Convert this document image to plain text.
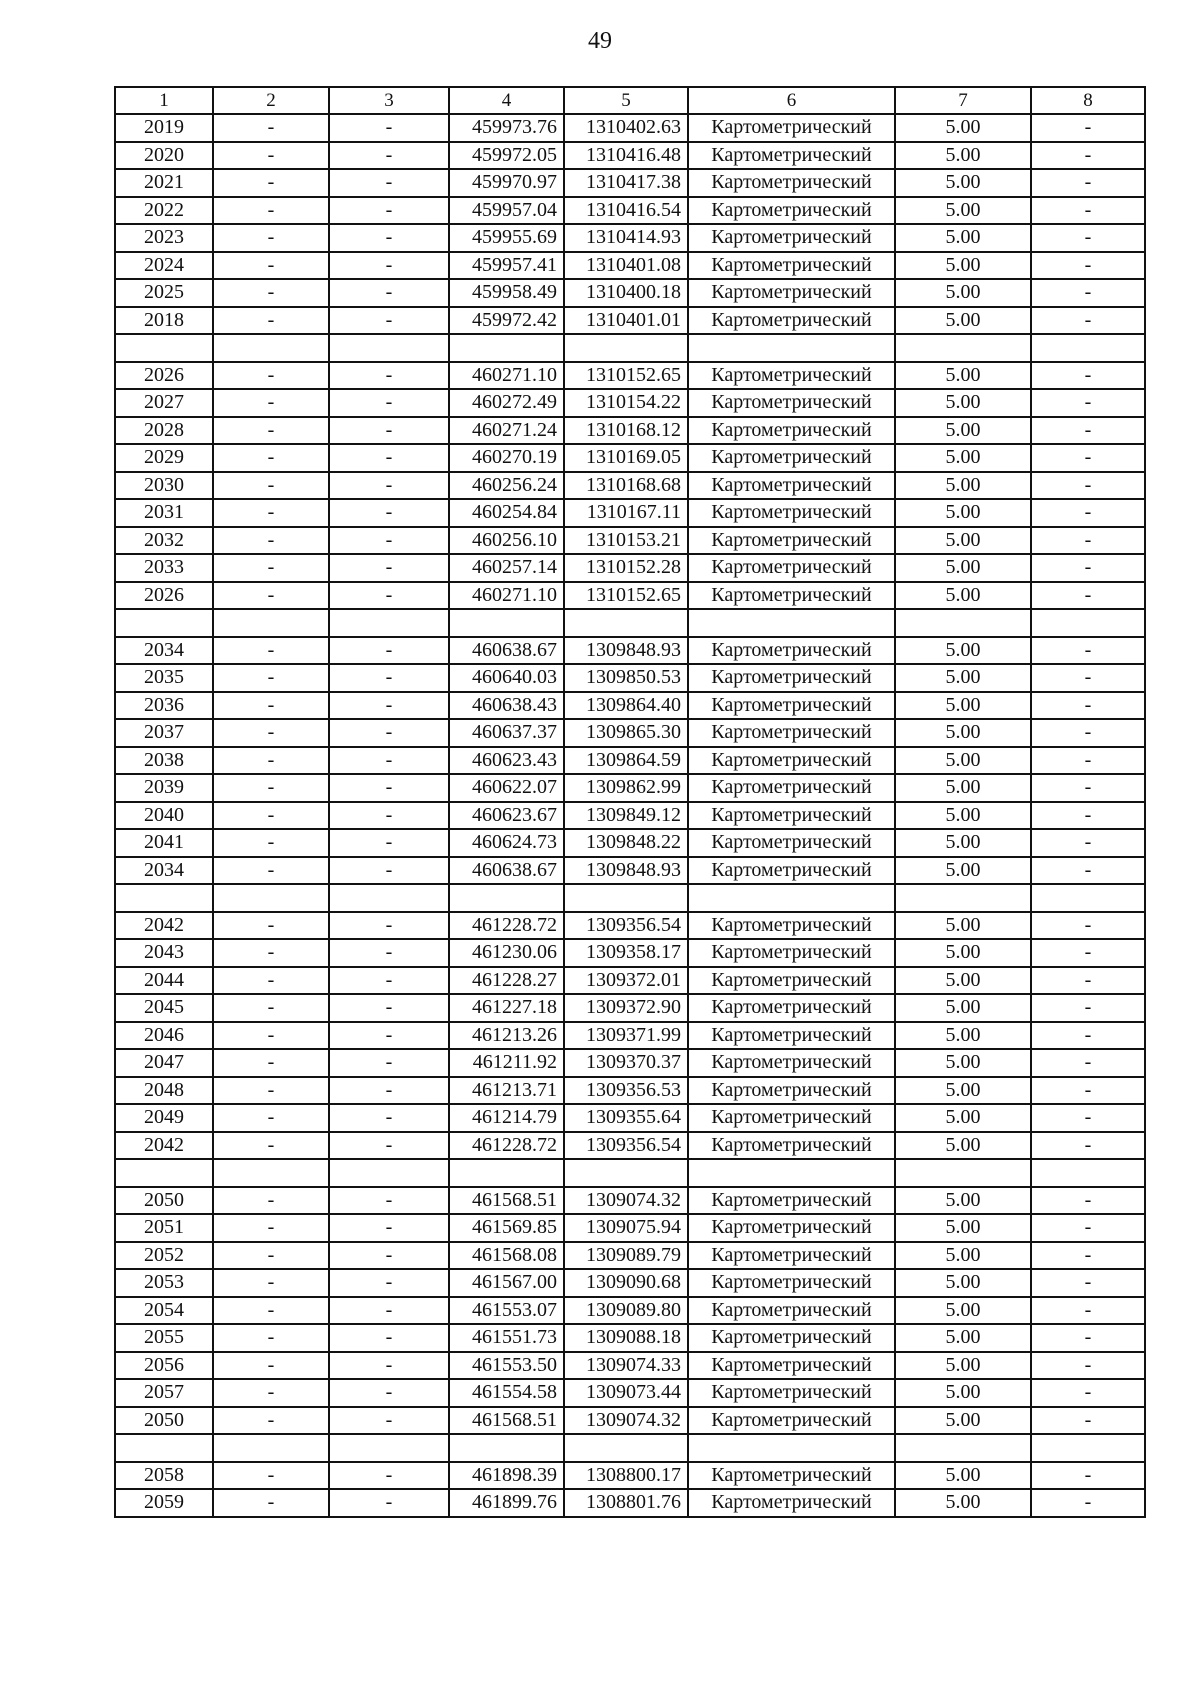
49
1	2	3	4	5	6	7	8
2019	-	-	459973.76	1310402.63	Картометрический	5.00	-
2020	-	-	459972.05	1310416.48	Картометрический	5.00	-
2021	-	-	459970.97	1310417.38	Картометрический	5.00	-
2022	-	-	459957.04	1310416.54	Картометрический	5.00	-
2023	-	-	459955.69	1310414.93	Картометрический	5.00	-
2024	-	-	459957.41	1310401.08	Картометрический	5.00	-
2025	-	-	459958.49	1310400.18	Картометрический	5.00	-
2018	-	-	459972.42	1310401.01	Картометрический	5.00	-

2026	-	-	460271.10	1310152.65	Картометрический	5.00	-
2027	-	-	460272.49	1310154.22	Картометрический	5.00	-
2028	-	-	460271.24	1310168.12	Картометрический	5.00	-
2029	-	-	460270.19	1310169.05	Картометрический	5.00	-
2030	-	-	460256.24	1310168.68	Картометрический	5.00	-
2031	-	-	460254.84	1310167.11	Картометрический	5.00	-
2032	-	-	460256.10	1310153.21	Картометрический	5.00	-
2033	-	-	460257.14	1310152.28	Картометрический	5.00	-
2026	-	-	460271.10	1310152.65	Картометрический	5.00	-

2034	-	-	460638.67	1309848.93	Картометрический	5.00	-
2035	-	-	460640.03	1309850.53	Картометрический	5.00	-
2036	-	-	460638.43	1309864.40	Картометрический	5.00	-
2037	-	-	460637.37	1309865.30	Картометрический	5.00	-
2038	-	-	460623.43	1309864.59	Картометрический	5.00	-
2039	-	-	460622.07	1309862.99	Картометрический	5.00	-
2040	-	-	460623.67	1309849.12	Картометрический	5.00	-
2041	-	-	460624.73	1309848.22	Картометрический	5.00	-
2034	-	-	460638.67	1309848.93	Картометрический	5.00	-

2042	-	-	461228.72	1309356.54	Картометрический	5.00	-
2043	-	-	461230.06	1309358.17	Картометрический	5.00	-
2044	-	-	461228.27	1309372.01	Картометрический	5.00	-
2045	-	-	461227.18	1309372.90	Картометрический	5.00	-
2046	-	-	461213.26	1309371.99	Картометрический	5.00	-
2047	-	-	461211.92	1309370.37	Картометрический	5.00	-
2048	-	-	461213.71	1309356.53	Картометрический	5.00	-
2049	-	-	461214.79	1309355.64	Картометрический	5.00	-
2042	-	-	461228.72	1309356.54	Картометрический	5.00	-

2050	-	-	461568.51	1309074.32	Картометрический	5.00	-
2051	-	-	461569.85	1309075.94	Картометрический	5.00	-
2052	-	-	461568.08	1309089.79	Картометрический	5.00	-
2053	-	-	461567.00	1309090.68	Картометрический	5.00	-
2054	-	-	461553.07	1309089.80	Картометрический	5.00	-
2055	-	-	461551.73	1309088.18	Картометрический	5.00	-
2056	-	-	461553.50	1309074.33	Картометрический	5.00	-
2057	-	-	461554.58	1309073.44	Картометрический	5.00	-
2050	-	-	461568.51	1309074.32	Картометрический	5.00	-

2058	-	-	461898.39	1308800.17	Картометрический	5.00	-
2059	-	-	461899.76	1308801.76	Картометрический	5.00	-
